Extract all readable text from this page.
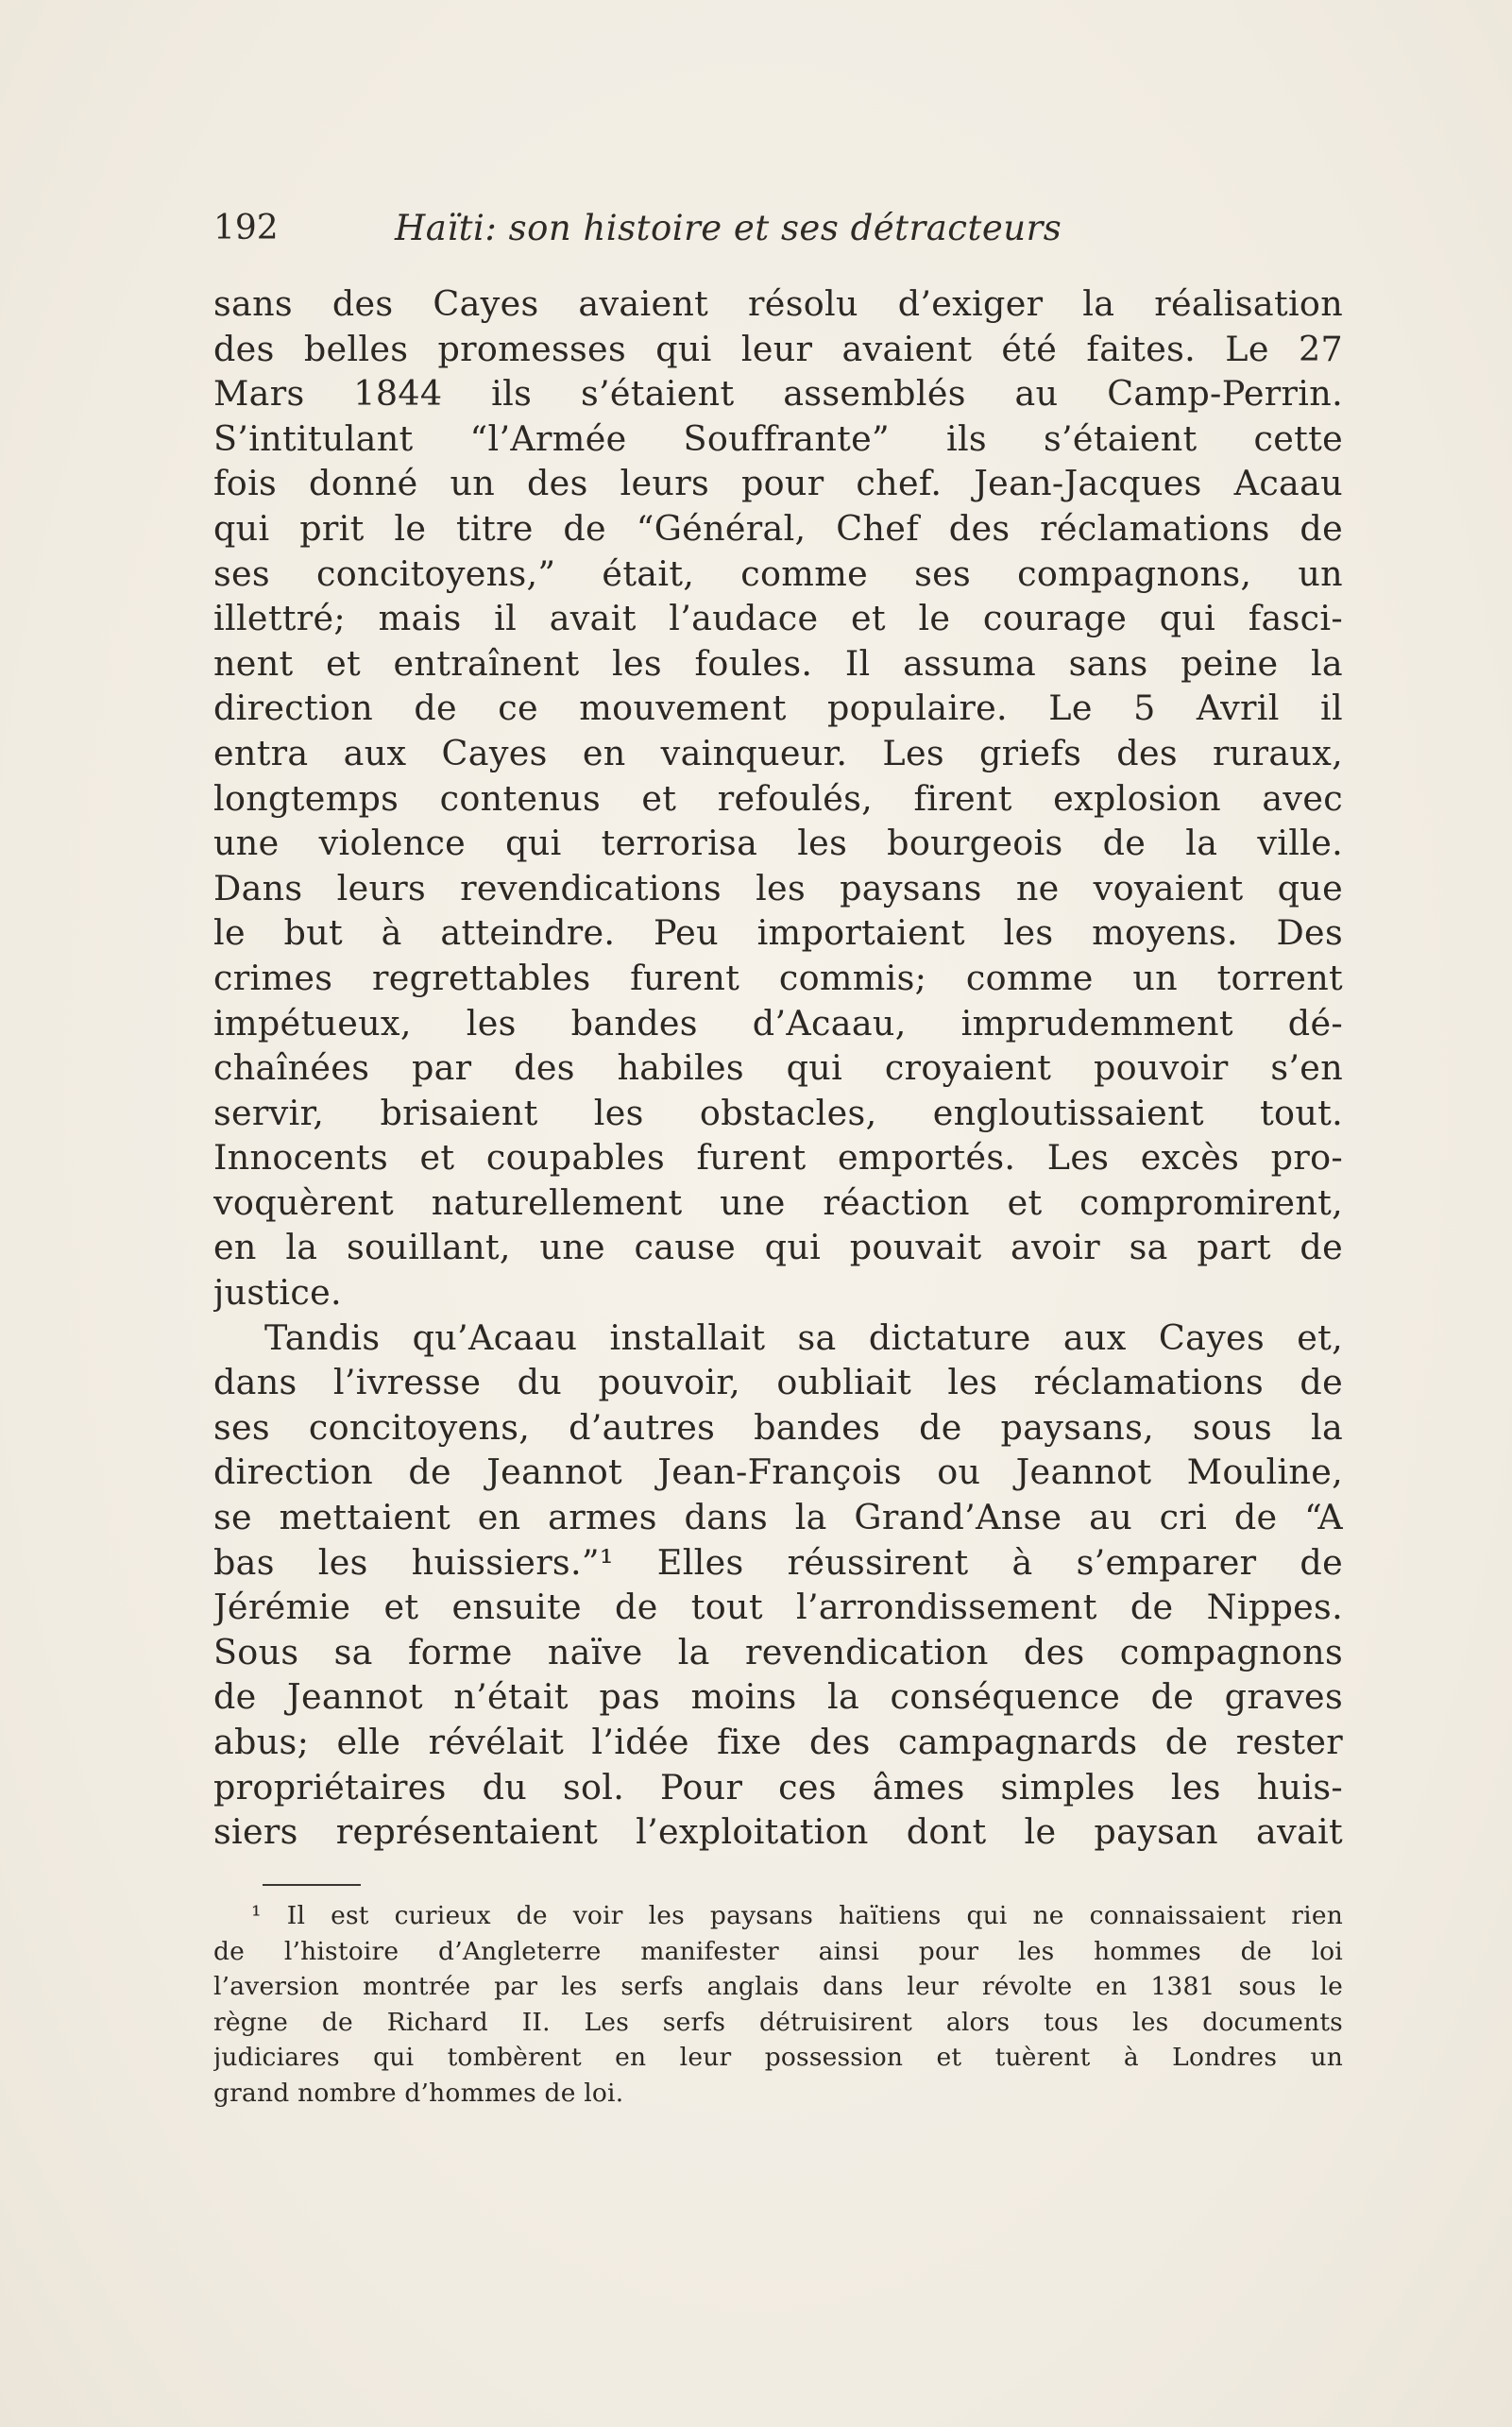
192	Haïti: son histoire et ses détracteurs
sans des Cayes avaient résolu d’exiger la réalisation
des belles promesses qui leur avaient été faites. Le 27
Mars 1844 ils s’étaient assemblés au Camp-Perrin.
S’intitulant “l’Armée Souffrante” ils s’étaient cette
fois donné un des leurs pour chef. Jean-Jacques Acaau
qui prit le titre de “Général, Chef des réclamations de
ses concitoyens,” était, comme ses compagnons, un
illettré; mais il avait l’audace et le courage qui fasci-
nent et entraînent les foules. Il assuma sans peine la
direction de ce mouvement populaire. Le 5 Avril il
entra aux Cayes en vainqueur. Les griefs des ruraux,
longtemps contenus et refoulés, firent explosion avec
une violence qui terrorisa les bourgeois de la ville.
Dans leurs revendications les paysans ne voyaient que
le but à atteindre. Peu importaient les moyens. Des
crimes regrettables furent commis; comme un torrent
impétueux, les bandes d’Acaau, imprudemment dé-
chaînées par des habiles qui croyaient pouvoir s’en
servir, brisaient les obstacles, engloutissaient tout.
Innocents et coupables furent emportés. Les excès pro-
voquèrent naturellement une réaction et compromirent,
en la souillant, une cause qui pouvait avoir sa part de
justice.
Tandis qu’Acaau installait sa dictature aux Cayes et,
dans l’ivresse du pouvoir, oubliait les réclamations de
ses concitoyens, d’autres bandes de paysans, sous la
direction de Jeannot Jean-François ou Jeannot Mouline,
se mettaient en armes dans la Grand’Anse au cri de “A
bas les huissiers.”¹ Elles réussirent à s’emparer de
Jérémie et ensuite de tout l’arrondissement de Nippes.
Sous sa forme naïve la revendication des compagnons
de Jeannot n’était pas moins la conséquence de graves
abus; elle révélait l’idée fixe des campagnards de rester
propriétaires du sol. Pour ces âmes simples les huis-
siers représentaient l’exploitation dont le paysan avait
¹ Il est curieux de voir les paysans haïtiens qui ne connaissaient rien
de l’histoire d’Angleterre manifester ainsi pour les hommes de loi
l’aversion montrée par les serfs anglais dans leur révolte en 1381 sous le
règne de Richard II. Les serfs détruisirent alors tous les documents
judiciares qui tombèrent en leur possession et tuèrent à Londres un
grand nombre d’hommes de loi.
